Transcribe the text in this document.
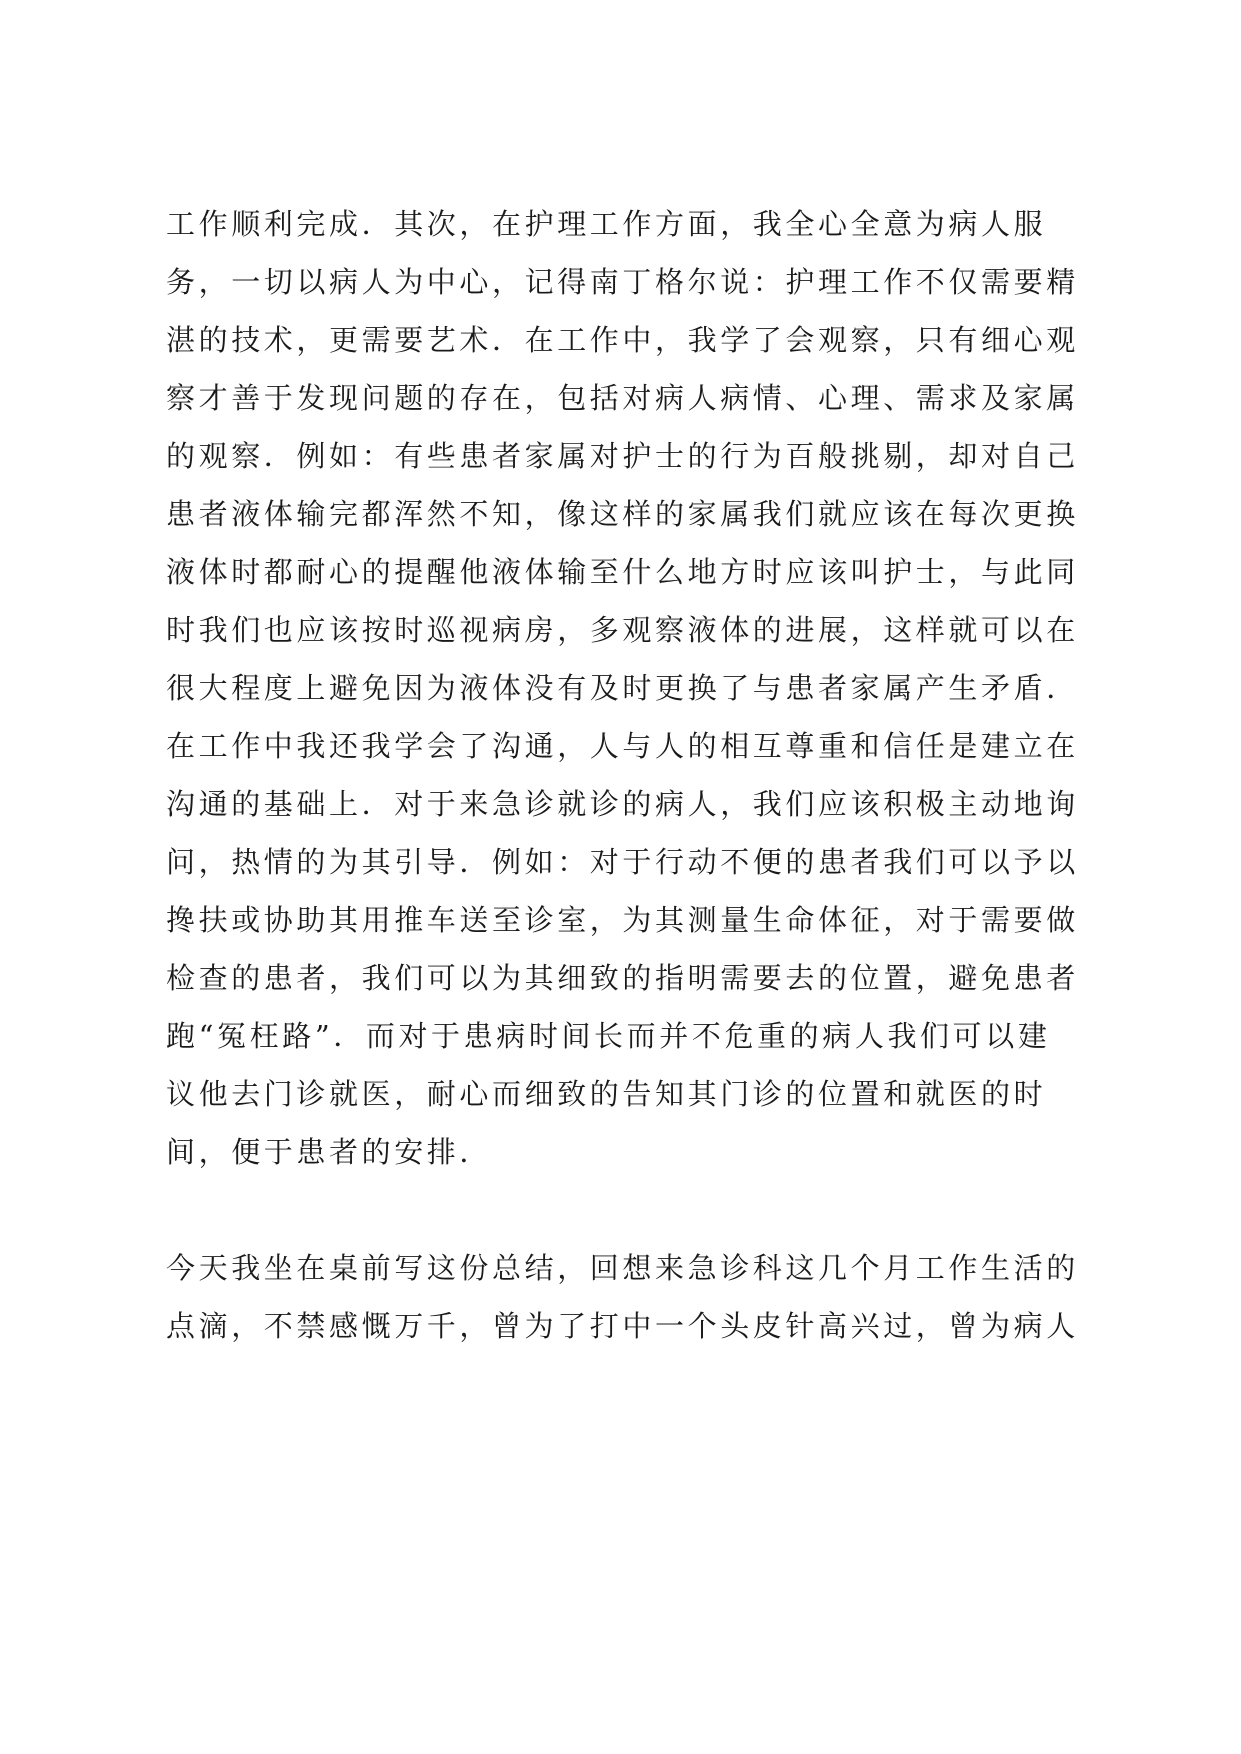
工作顺利完成．其次，在护理工作方面，我全心全意为病人服

务，一切以病人为中心，记得南丁格尔说：护理工作不仅需要精

湛的技术，更需要艺术．在工作中，我学了会观察，只有细心观

察才善于发现问题的存在，包括对病人病情、心理、需求及家属

的观察．例如：有些患者家属对护士的行为百般挑剔，却对自己

患者液体输完都浑然不知，像这样的家属我们就应该在每次更换

液体时都耐心的提醒他液体输至什么地方时应该叫护士，与此同

时我们也应该按时巡视病房，多观察液体的进展，这样就可以在

很大程度上避免因为液体没有及时更换了与患者家属产生矛盾．

在工作中我还我学会了沟通，人与人的相互尊重和信任是建立在

沟通的基础上．对于来急诊就诊的病人，我们应该积极主动地询

问，热情的为其引导．例如：对于行动不便的患者我们可以予以

搀扶或协助其用推车送至诊室，为其测量生命体征，对于需要做

检查的患者，我们可以为其细致的指明需要去的位置，避免患者

跑“冤枉路”．而对于患病时间长而并不危重的病人我们可以建

议他去门诊就医，耐心而细致的告知其门诊的位置和就医的时

间，便于患者的安排．

今天我坐在桌前写这份总结，回想来急诊科这几个月工作生活的

点滴，不禁感慨万千，曾为了打中一个头皮针高兴过，曾为病人
